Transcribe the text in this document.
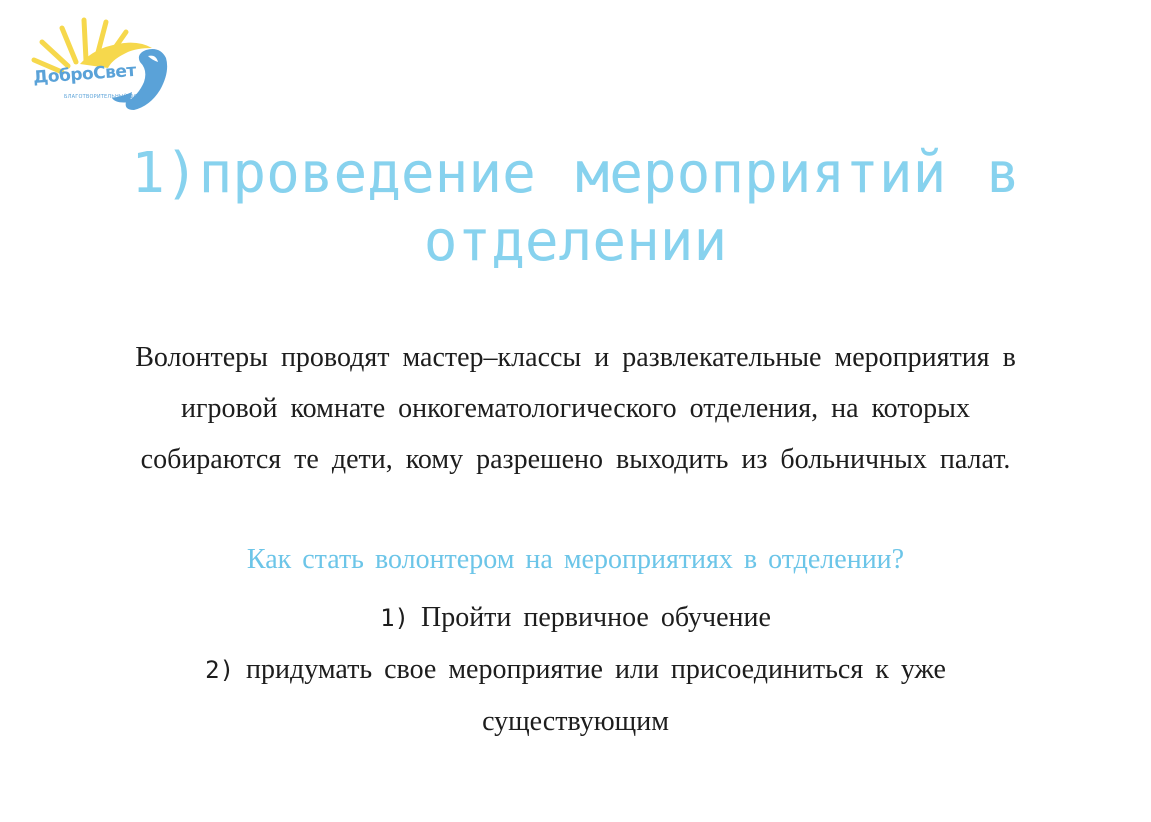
ДоброСвет
БЛАГОТВОРИТЕЛЬНЫЙ ФОНД
1)проведение мероприятий в
отделении
Волонтеры проводят мастер–классы и развлекательные мероприятия в
игровой комнате онкогематологического отделения, на которых
собираются те дети, кому разрешено выходить из больничных палат.
Как стать волонтером на мероприятиях в отделении?
1) Пройти первичное обучение
2) придумать свое мероприятие или присоединиться к уже
существующим
